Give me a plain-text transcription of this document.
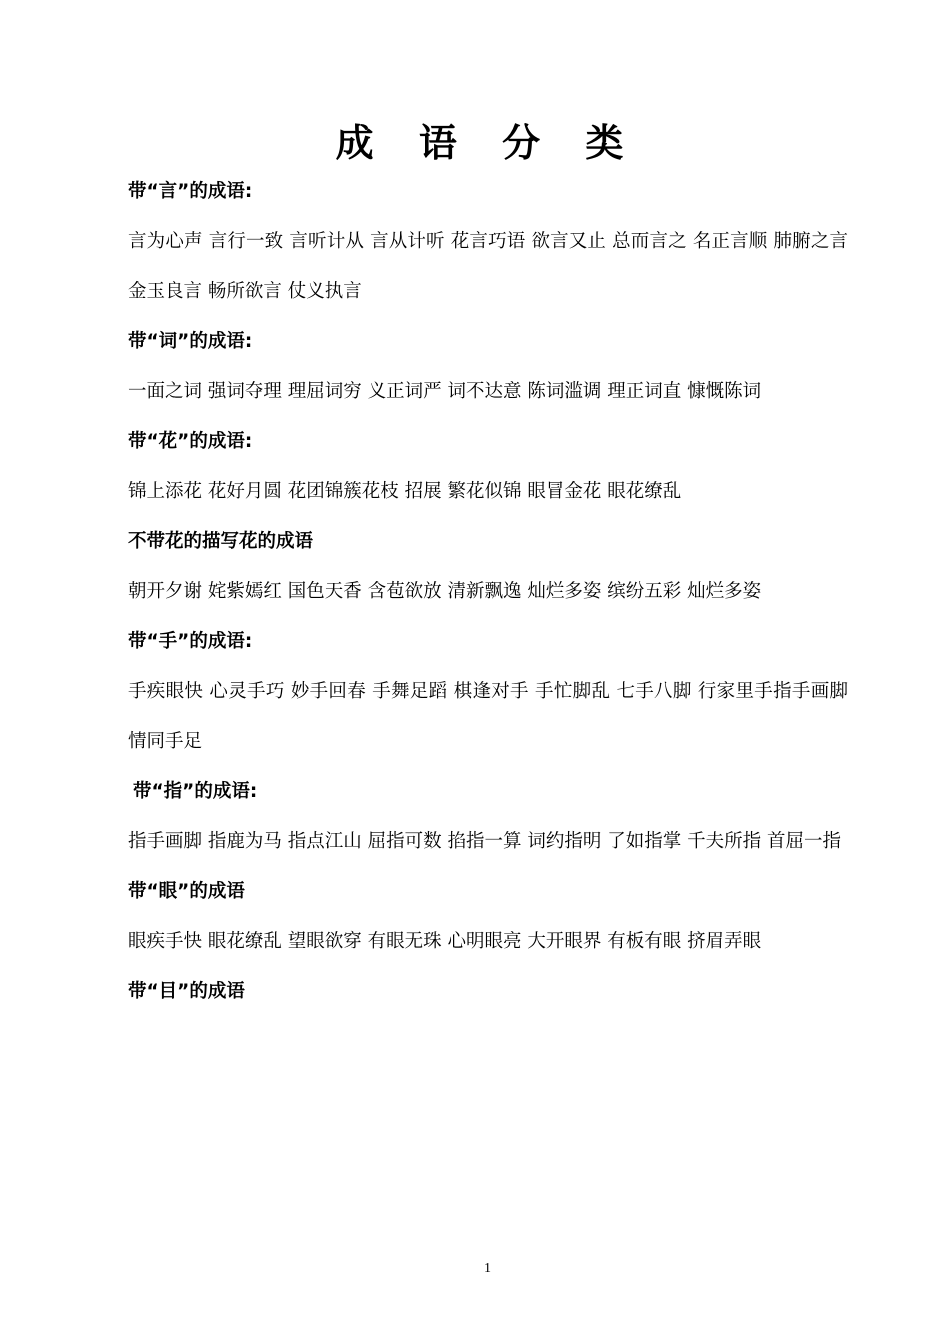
成 语 分 类
带“言”的成语:
言为心声 言行一致 言听计从 言从计听 花言巧语 欲言又止 总而言之 名正言顺 肺腑之言 金玉良言 畅所欲言 仗义执言
带“词”的成语:
一面之词 强词夺理 理屈词穷 义正词严 词不达意 陈词滥调 理正词直 慷慨陈词
带“花”的成语:
锦上添花 花好月圆 花团锦簇花枝 招展 繁花似锦 眼冒金花 眼花缭乱
不带花的描写花的成语
朝开夕谢 姹紫嫣红 国色天香 含苞欲放 清新飘逸 灿烂多姿 缤纷五彩 灿烂多姿
带“手”的成语:
手疾眼快 心灵手巧 妙手回春 手舞足蹈 棋逢对手 手忙脚乱 七手八脚 行家里手指手画脚 情同手足
带“指”的成语:
指手画脚 指鹿为马 指点江山 屈指可数 掐指一算 词约指明 了如指掌 千夫所指 首屈一指
带“眼”的成语
眼疾手快 眼花缭乱 望眼欲穿 有眼无珠 心明眼亮 大开眼界 有板有眼 挤眉弄眼
带“目”的成语
1
